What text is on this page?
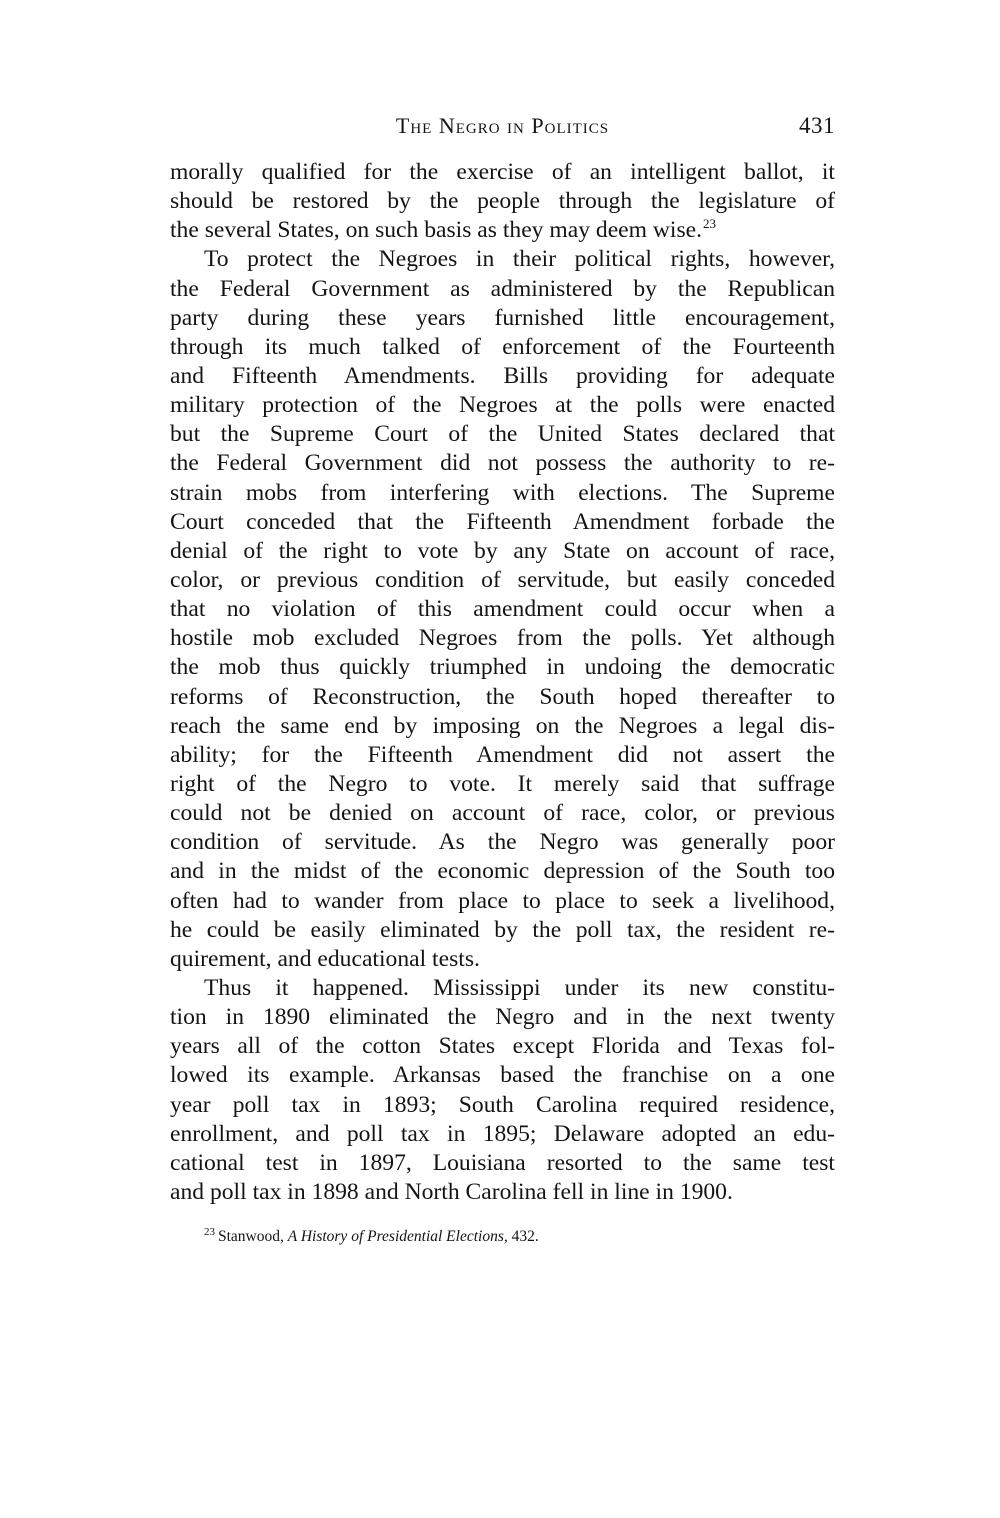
The Negro in Politics	431
morally qualified for the exercise of an intelligent ballot, it
should be restored by the people through the legislature of
the several States, on such basis as they may deem wise.$^{23}$
To protect the Negroes in their political rights, however,
the Federal Government as administered by the Republican
party during these years furnished little encouragement,
through its much talked of enforcement of the Fourteenth
and Fifteenth Amendments. Bills providing for adequate
military protection of the Negroes at the polls were enacted
but the Supreme Court of the United States declared that
the Federal Government did not possess the authority to re-
strain mobs from interfering with elections. The Supreme
Court conceded that the Fifteenth Amendment forbade the
denial of the right to vote by any State on account of race,
color, or previous condition of servitude, but easily conceded
that no violation of this amendment could occur when a
hostile mob excluded Negroes from the polls. Yet although
the mob thus quickly triumphed in undoing the democratic
reforms of Reconstruction, the South hoped thereafter to
reach the same end by imposing on the Negroes a legal dis-
ability; for the Fifteenth Amendment did not assert the
right of the Negro to vote. It merely said that suffrage
could not be denied on account of race, color, or previous
condition of servitude. As the Negro was generally poor
and in the midst of the economic depression of the South too
often had to wander from place to place to seek a livelihood,
he could be easily eliminated by the poll tax, the resident re-
quirement, and educational tests.
Thus it happened. Mississippi under its new constitu-
tion in 1890 eliminated the Negro and in the next twenty
years all of the cotton States except Florida and Texas fol-
lowed its example. Arkansas based the franchise on a one
year poll tax in 1893; South Carolina required residence,
enrollment, and poll tax in 1895; Delaware adopted an edu-
cational test in 1897, Louisiana resorted to the same test
and poll tax in 1898 and North Carolina fell in line in 1900.
$^{23}$ Stanwood, A History of Presidential Elections, 432.
